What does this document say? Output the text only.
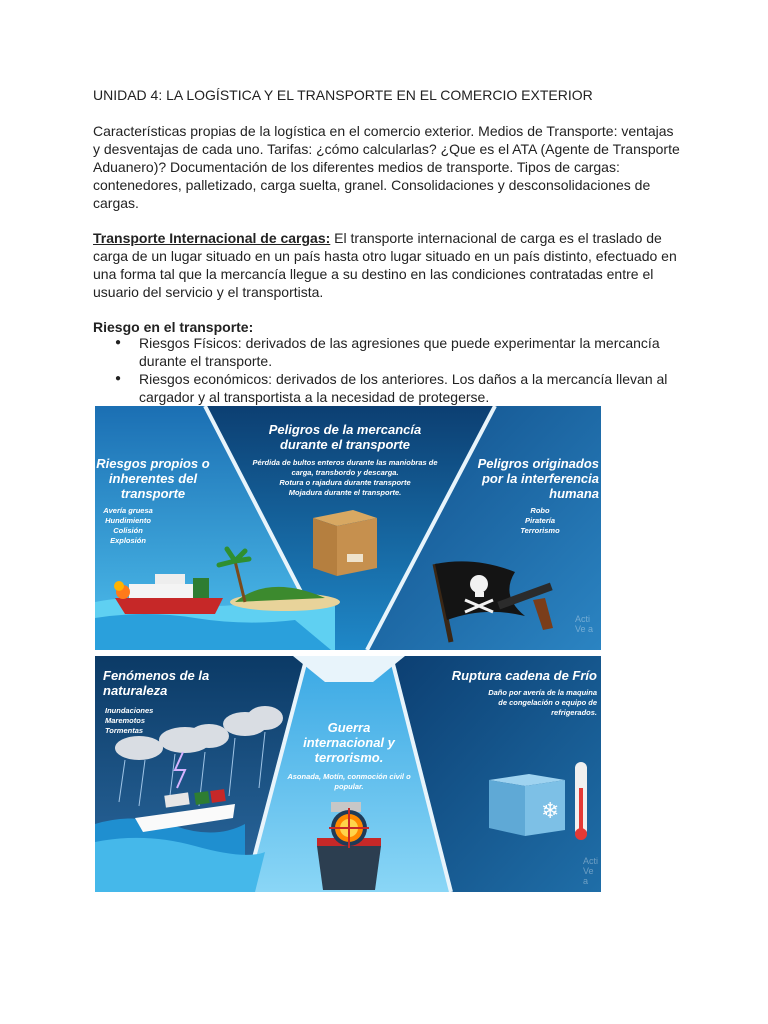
UNIDAD 4: LA LOGÍSTICA Y EL TRANSPORTE EN EL COMERCIO EXTERIOR

Características propias de la logística en el comercio exterior. Medios de Transporte: ventajas y desventajas de cada uno. Tarifas: ¿cómo calcularlas? ¿Que es el ATA (Agente de Transporte Aduanero)? Documentación de los diferentes medios de transporte. Tipos de cargas: contenedores, palletizado, carga suelta, granel. Consolidaciones y desconsolidaciones de cargas.

Transporte Internacional de cargas: El transporte internacional de carga es el traslado de carga de un lugar situado en un país hasta otro lugar situado en un país distinto, efectuado en una forma tal que la mercancía llegue a su destino en las condiciones contratadas entre el usuario del servicio y el transportista.

Riesgo en el transporte:

● Riesgos Físicos: derivados de las agresiones que puede experimentar la mercancía durante el transporte.
● Riesgos económicos: derivados de los anteriores. Los daños a la mercancía llevan al cargador y al transportista a la necesidad de protegerse.
Riesgos propios o inherentes del transporte
Avería gruesa
Hundimiento
Colisión
Explosión
Peligros de la mercancía durante el transporte
Pérdida de bultos enteros durante las maniobras de carga, transbordo y descarga.
Rotura o rajadura durante transporte
Mojadura durante el transporte.
Peligros originados por la interferencia humana
Robo
Piratería
Terrorismo
Acti
Ve a
❄
Fenómenos de la naturaleza
Inundaciones
Maremotos
Tormentas	Guerra internacional y terrorismo.
Asonada, Motín, conmoción civil o popular.
Ruptura cadena de Frío
Daño por avería de la maquina de congelación o equipo de refrigerados.
Acti
Ve a
